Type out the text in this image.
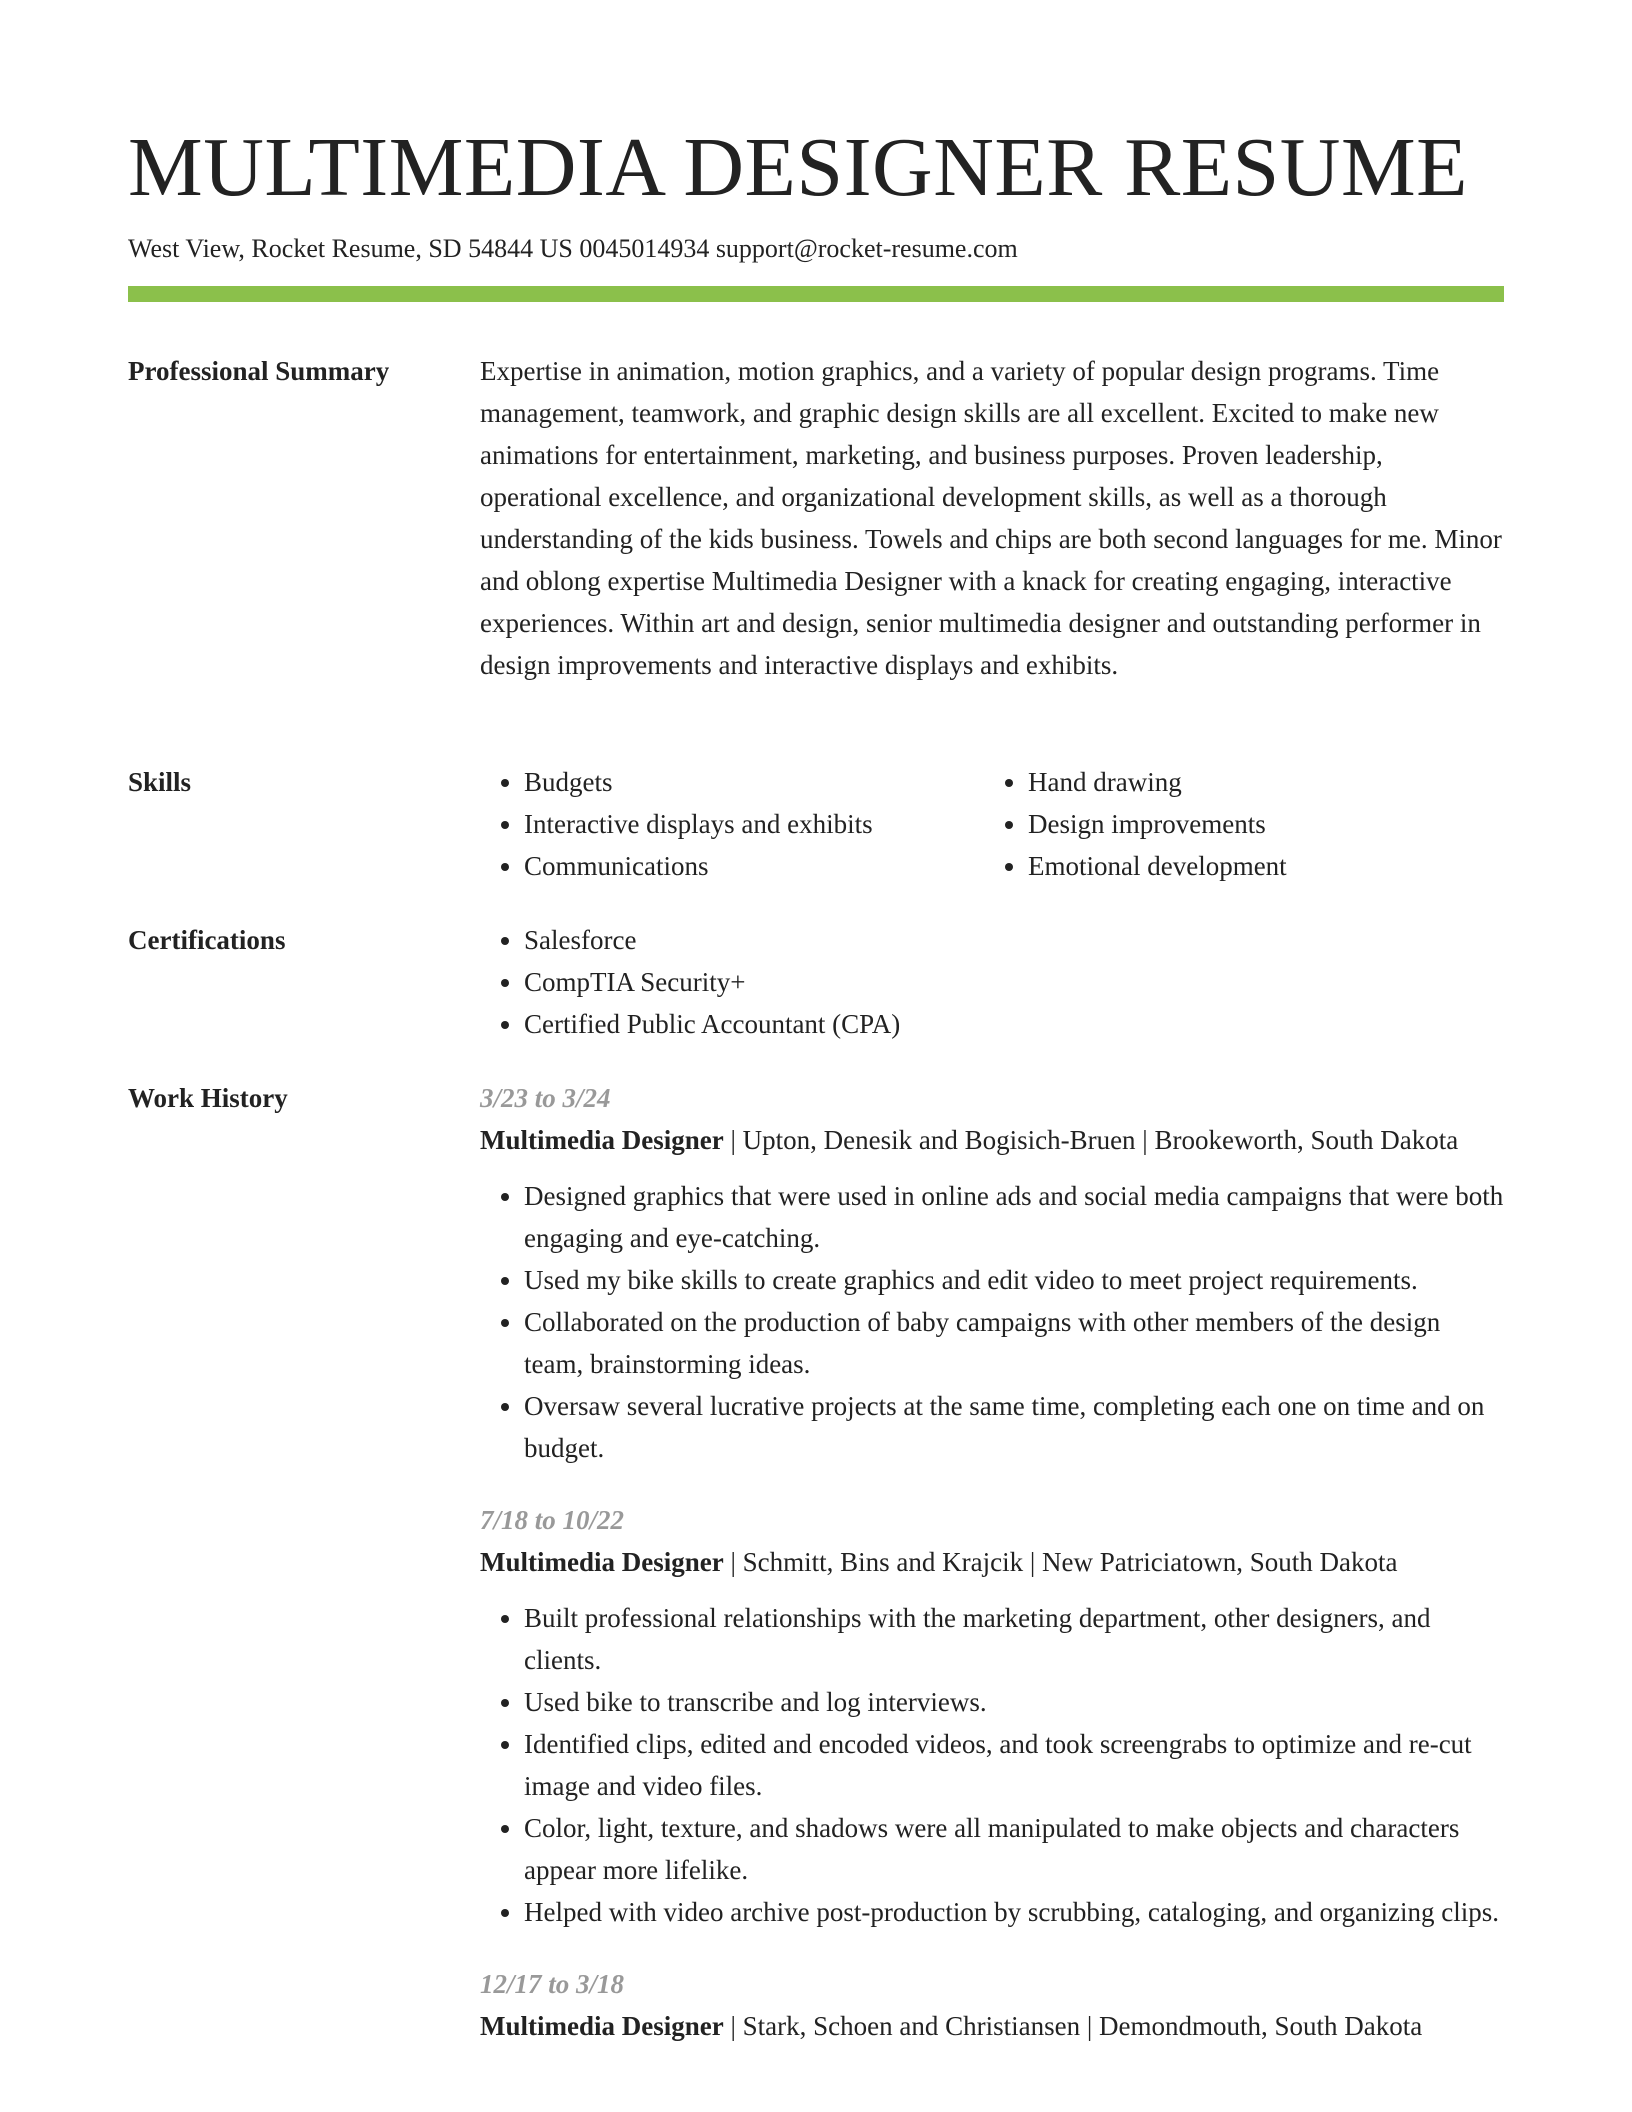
MULTIMEDIA DESIGNER RESUME
West View, Rocket Resume, SD 54844 US 0045014934 support@rocket-resume.com
Professional Summary	Expertise in animation, motion graphics, and a variety of popular design programs. Time management, teamwork, and graphic design skills are all excellent. Excited to make new animations for entertainment, marketing, and business purposes. Proven leadership, operational excellence, and organizational development skills, as well as a thorough understanding of the kids business. Towels and chips are both second languages for me. Minor and oblong expertise Multimedia Designer with a knack for creating engaging, interactive experiences. Within art and design, senior multimedia designer and outstanding performer in design improvements and interactive displays and exhibits.

Skills	• Budgets
• Interactive displays and exhibits
• Communications
• Hand drawing
• Design improvements
• Emotional development
Certifications	• Salesforce
• CompTIA Security+
• Certified Public Accountant (CPA)
Work History	3/23 to 3/24
Multimedia Designer | Upton, Denesik and Bogisich-Bruen | Brookeworth, South Dakota
• Designed graphics that were used in online ads and social media campaigns that were both engaging and eye-catching.
• Used my bike skills to create graphics and edit video to meet project requirements.
• Collaborated on the production of baby campaigns with other members of the design team, brainstorming ideas.
• Oversaw several lucrative projects at the same time, completing each one on time and on budget.
7/18 to 10/22
Multimedia Designer | Schmitt, Bins and Krajcik | New Patriciatown, South Dakota
• Built professional relationships with the marketing department, other designers, and clients.
• Used bike to transcribe and log interviews.
• Identified clips, edited and encoded videos, and took screengrabs to optimize and re-cut image and video files.
• Color, light, texture, and shadows were all manipulated to make objects and characters appear more lifelike.
• Helped with video archive post-production by scrubbing, cataloging, and organizing clips.
12/17 to 3/18
Multimedia Designer | Stark, Schoen and Christiansen | Demondmouth, South Dakota
